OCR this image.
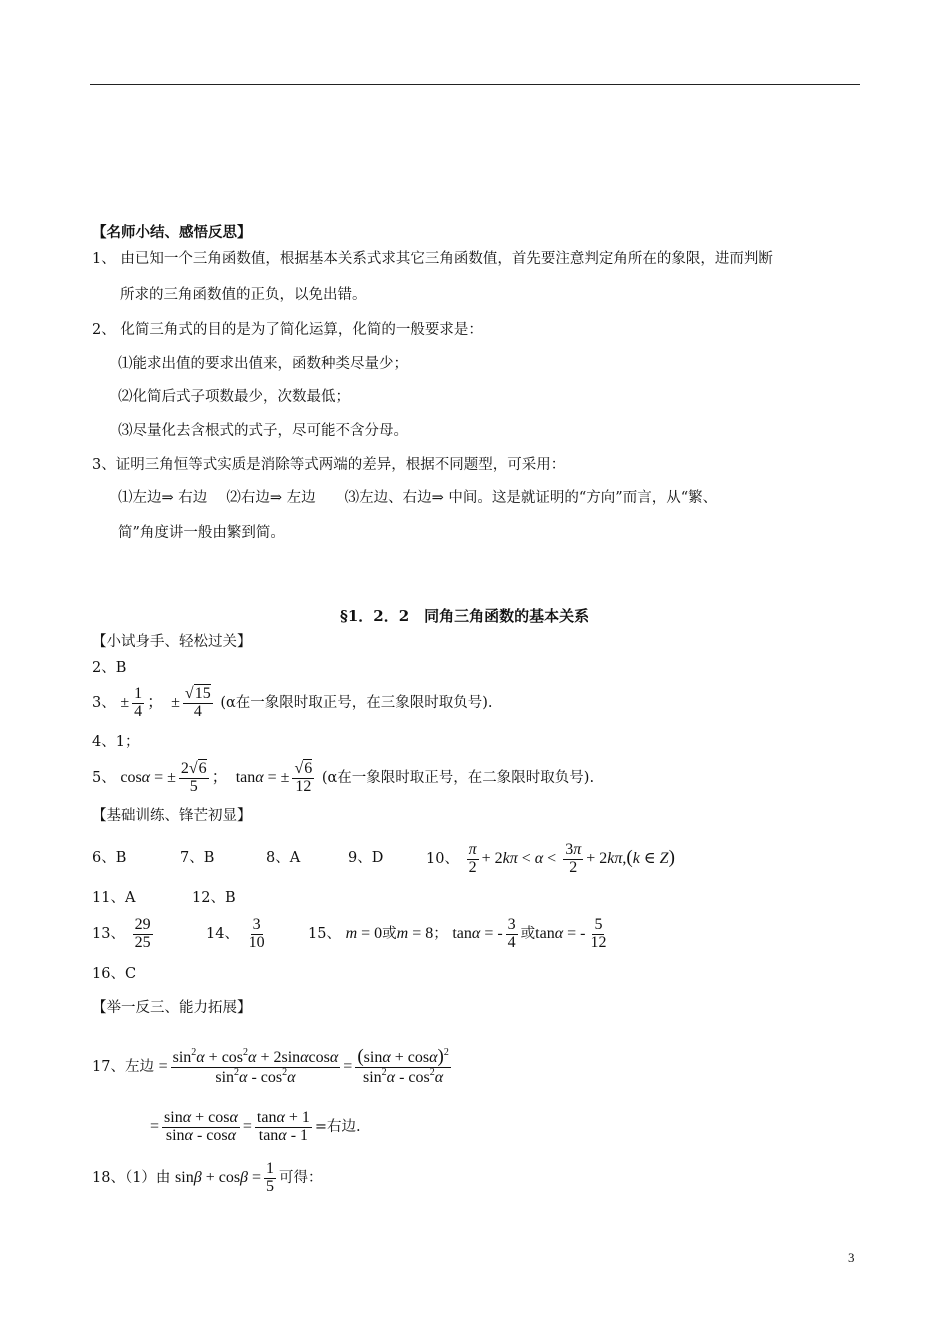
【名师小结、感悟反思】
1、 由已知一个三角函数值，根据基本关系式求其它三角函数值，首先要注意判定角所在的象限，进而判断
所求的三角函数值的正负，以免出错。
2、 化简三角式的目的是为了简化运算，化简的一般要求是：
⑴能求出值的要求出值来，函数种类尽量少；
⑵化简后式子项数最少，次数最低；
⑶尽量化去含根式的式子，尽可能不含分母。
3、证明三角恒等式实质是消除等式两端的差异，根据不同题型，可采用：
⑴左边⇒ 右边　 ⑵右边⇒ 左边　　⑶左边、右边⇒ 中间。这是就证明的“方向”而言，从“繁、
简”角度讲一般由繁到简。
§1．2．2　同角三角函数的基本关系
【小试身手、轻松过关】
2、B
3、 ± $\frac{1}{4}$ ； ± $\frac{√15}{4} (\alpha$在一象限时取正号，在三象限时取负号).
4、1；
5、 cosα = ± $\frac{2√6}{5}$ ； tanα = ± $\frac{√6}{12} (\alpha$在一象限时取正号，在二象限时取负号).
【基础训练、锋芒初显】
6、B	7、B	8、A	9、D	10、 $\frac{\pi}{2} + 2k\pi < \alpha < \frac{3\pi}{2} + 2k\pi,(k$ ∈ Z)
11、A	12、B
13、 $\frac{29}{25}$	14、 $\frac{3}{10}$	15、 m = 0或m = 8； tanα = - $\frac{3}{4}$ 或tanα = - $\frac{5}{12}$
16、C
【举一反三、能力拓展】
17、左边 = $\frac{\sin^2\alpha + \cos^2\alpha + 2\sin\alpha\cos\alpha}{\sin^2\alpha - \cos^2\alpha} = \frac{(\sin\alpha + \cos\alpha)^2}{\sin^2\alpha - \cos^2\alpha}$
= $\frac{\sin\alpha + \cos\alpha}{\sin\alpha - \cos\alpha} = \frac{\tan\alpha + 1}{\tan\alpha - 1}$ =右边.
18、（1）由 $\sin\beta + \cos\beta = \frac{1}{5}$ 可得：
3
